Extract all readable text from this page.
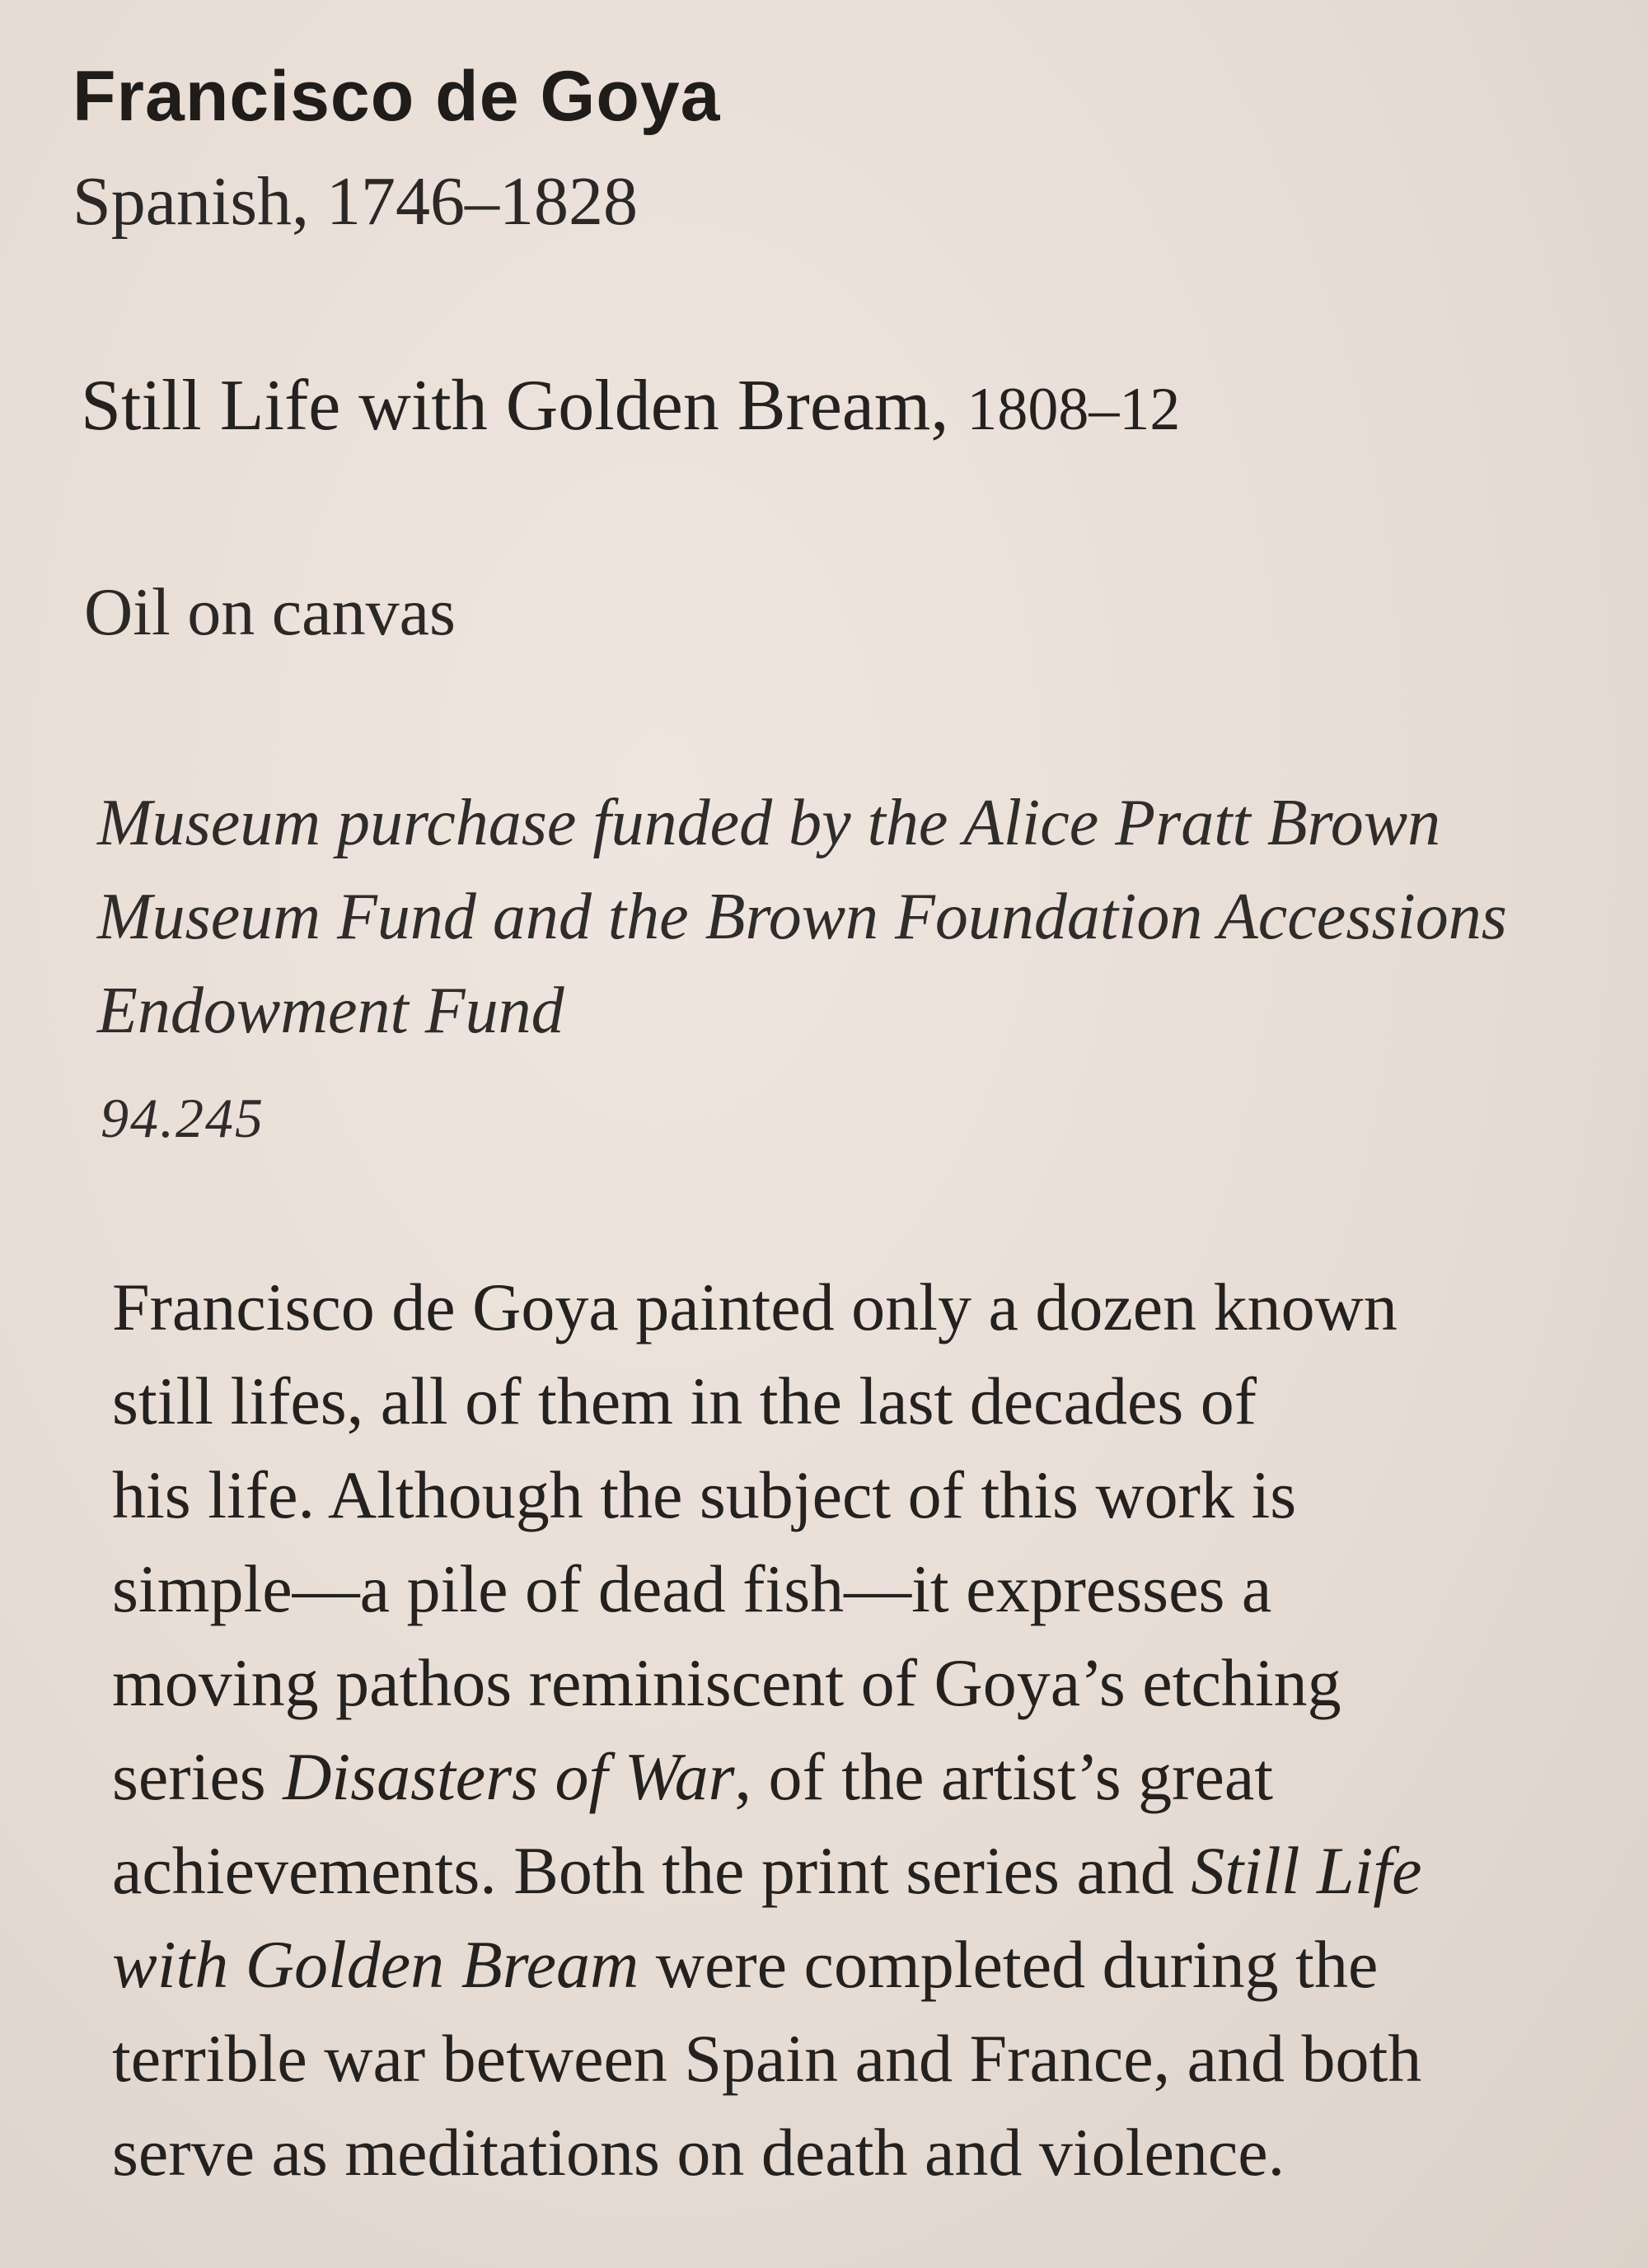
Francisco de Goya
Spanish, 1746–1828
Still Life with Golden Bream, 1808–12
Oil on canvas
Museum purchase funded by the Alice Pratt Brown
Museum Fund and the Brown Foundation Accessions
Endowment Fund
94.245
Francisco de Goya painted only a dozen known
still lifes, all of them in the last decades of
his life. Although the subject of this work is
simple—a pile of dead fish—it expresses a
moving pathos reminiscent of Goya’s etching
series Disasters of War, of the artist’s great
achievements. Both the print series and Still Life
with Golden Bream were completed during the
terrible war between Spain and France, and both
serve as meditations on death and violence.
